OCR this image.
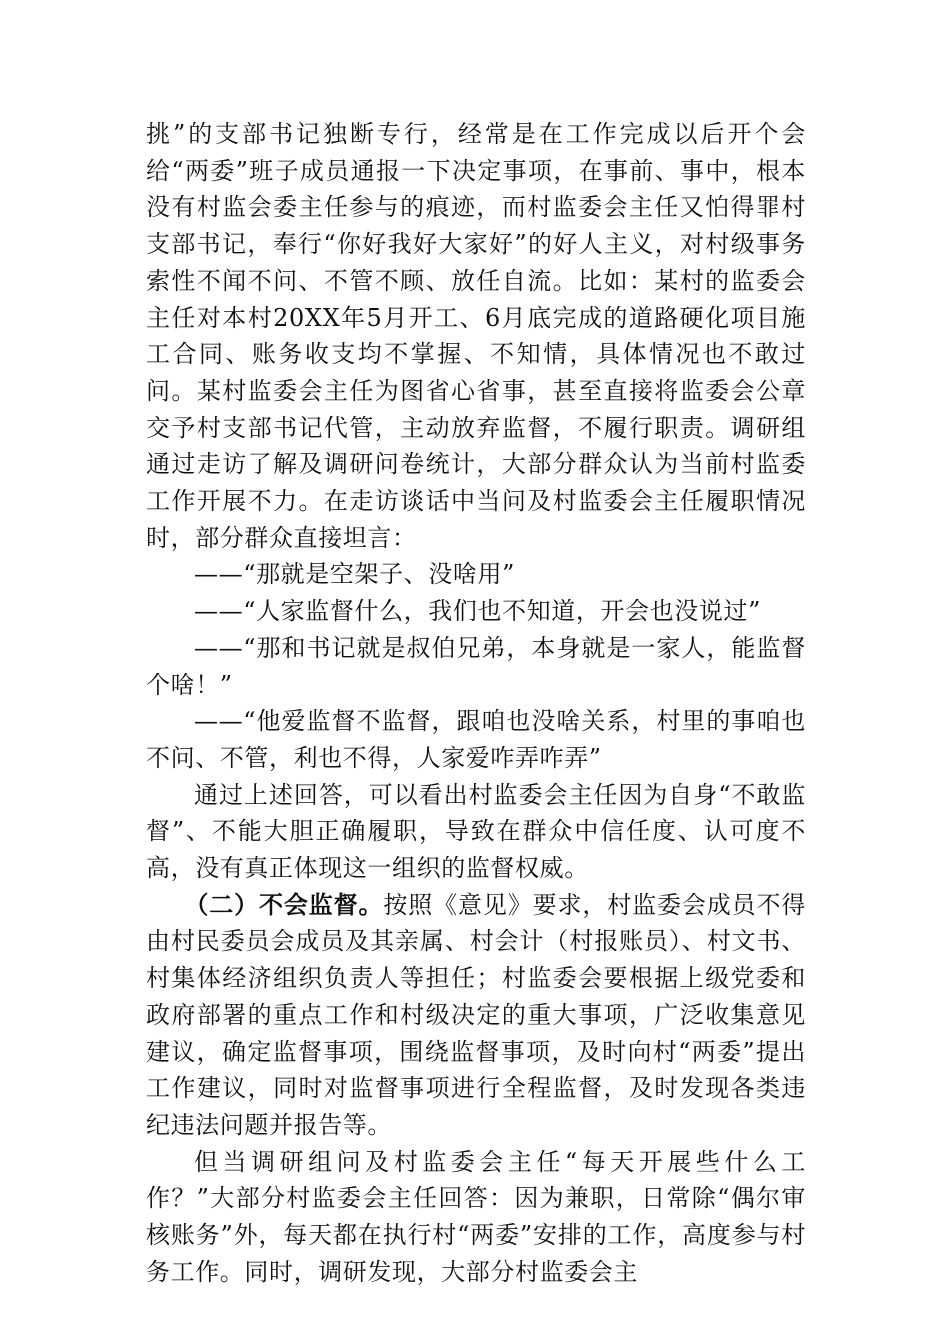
挑”的支部书记独断专行，经常是在工作完成以后开个会给“两委”班子成员通报一下决定事项，在事前、事中，根本没有村监会委主任参与的痕迹，而村监委会主任又怕得罪村支部书记，奉行“你好我好大家好”的好人主义，对村级事务索性不闻不问、不管不顾、放任自流。比如：某村的监委会主任对本村20XX年5月开工、6月底完成的道路硬化项目施工合同、账务收支均不掌握、不知情，具体情况也不敢过问。某村监委会主任为图省心省事，甚至直接将监委会公章交予村支部书记代管，主动放弃监督，不履行职责。调研组通过走访了解及调研问卷统计，大部分群众认为当前村监委工作开展不力。在走访谈话中当问及村监委会主任履职情况时，部分群众直接坦言：

——“那就是空架子、没啥用”

——“人家监督什么，我们也不知道，开会也没说过”

——“那和书记就是叔伯兄弟，本身就是一家人，能监督个啥！”

——“他爱监督不监督，跟咱也没啥关系，村里的事咱也不问、不管，利也不得，人家爱咋弄咋弄”

通过上述回答，可以看出村监委会主任因为自身“不敢监督”、不能大胆正确履职，导致在群众中信任度、认可度不高，没有真正体现这一组织的监督权威。

（二）不会监督。按照《意见》要求，村监委会成员不得由村民委员会成员及其亲属、村会计（村报账员）、村文书、村集体经济组织负责人等担任；村监委会要根据上级党委和政府部署的重点工作和村级决定的重大事项，广泛收集意见建议，确定监督事项，围绕监督事项，及时向村“两委”提出工作建议，同时对监督事项进行全程监督，及时发现各类违纪违法问题并报告等。

但当调研组问及村监委会主任“每天开展些什么工作？”大部分村监委会主任回答：因为兼职，日常除“偶尔审核账务”外，每天都在执行村“两委”安排的工作，高度参与村务工作。同时，调研发现，大部分村监委会主
